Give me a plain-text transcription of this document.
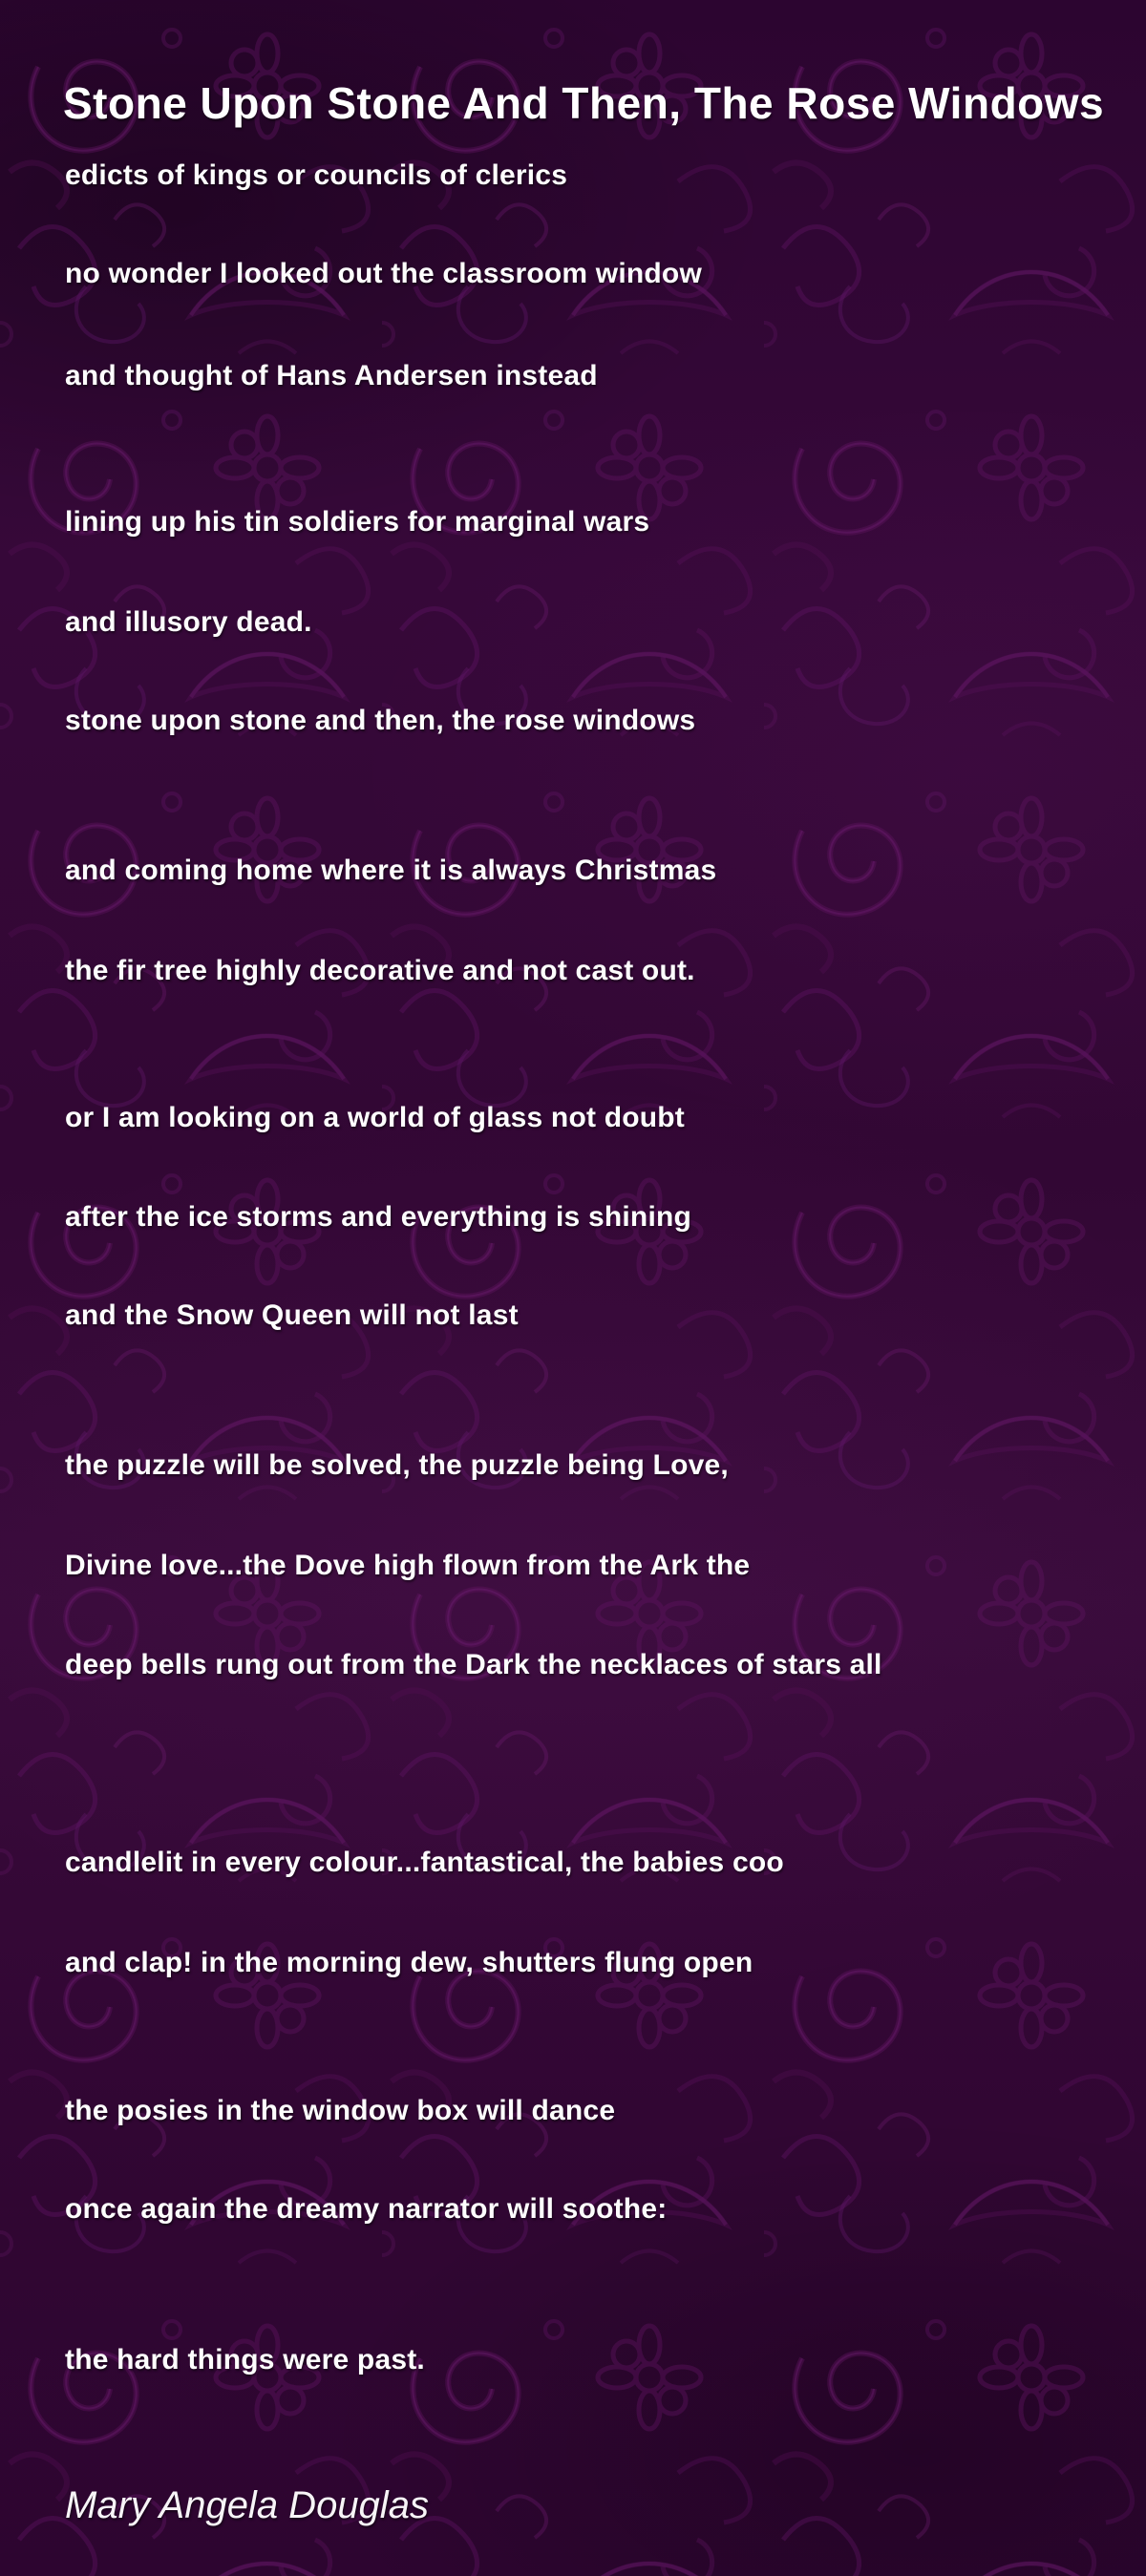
Stone Upon Stone And Then, The Rose Windows
edicts of kings or councils of clerics
no wonder I looked out the classroom window
and thought of Hans Andersen instead
lining up his tin soldiers for marginal wars
and illusory dead.
stone upon stone and then, the rose windows
and coming home where it is always Christmas
the fir tree highly decorative and not cast out.
or I am looking on a world of glass not doubt
after the ice storms and everything is shining
and the Snow Queen will not last
the puzzle will be solved, the puzzle being Love,
Divine love...the Dove high flown from the Ark the
deep bells rung out from the Dark the necklaces of stars all
candlelit in every colour...fantastical, the babies coo
and clap! in the morning dew, shutters flung open
the posies in the window box will dance
once again the dreamy narrator will soothe:
the hard things were past.
Mary Angela Douglas
